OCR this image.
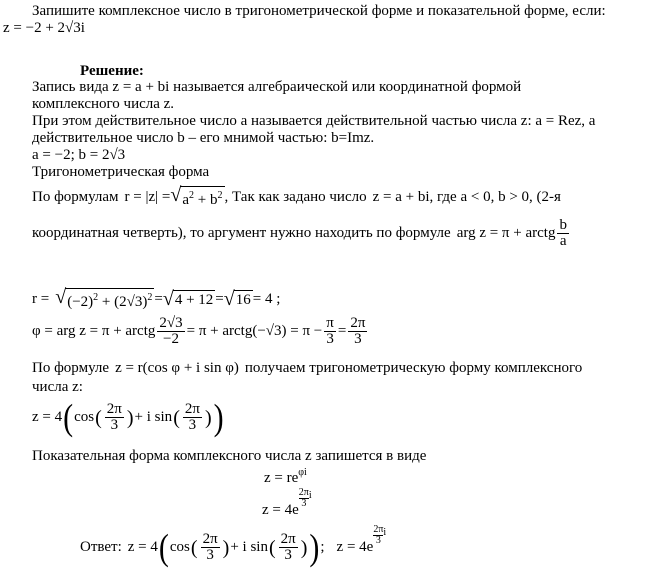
Запишите комплексное число в тригонометрической форме и показательной форме, если:
z = −2 + 2√3i
Решение:
Запись вида z = a + bi называется алгебраической или координатной формой
комплексного числа z.
При этом действительное число a называется действительной частью числа z: a = Rez, a
действительное число b – его мнимой частью: b=Imz.
a = −2; b = 2√3
Тригонометрическая форма
По формулам r = |z| = √ $a^2 + b^2$ , Так как задано число z = a + bi , где a < 0, b > 0, (2-я
координатная четверть), то аргумент нужно находить по формуле arg z = π + arctg $\frac{b}{a}$
r = √ $(-2)^2 + (2√3)^2$ = √ 4 + 12 = √ 16 = 4 ;
φ = arg z = π + arctg $\frac{2√3}{-2} = \pi$ + arctg(−√3) = $\pi - \frac{\pi}{3} = \frac{2\pi}{3}$
По формуле z = r(cos φ + i sin φ) получаем тригонометрическую форму комплексного
числа z:
z = 4 ( cos ( $\frac{2\pi}{3}$ ) + i sin ( $\frac{2\pi}{3}$ ) )
Показательная форма комплексного числа z запишется в виде
$z = re^{\varphi i}$
z = 4e
2π
3
i
Ответ: z = 4 ( cos ( $\frac{2\pi}{3}$ ) + i sin ( $\frac{2\pi}{3}$ ) ) ; z = 4e
2π
3
i
